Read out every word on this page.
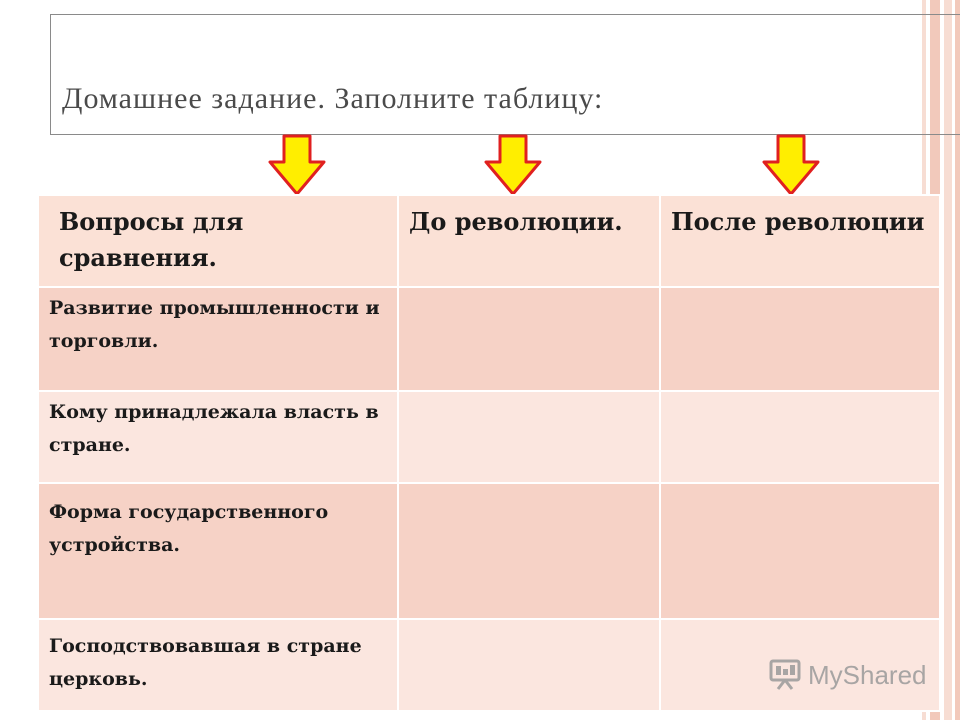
Домашнее задание. Заполните таблицу:
Вопросы для сравнения.	До революции.	После революции
Развитие промышленности и торговли.		
Кому принадлежала власть в стране.		
Форма государственного устройства.		
Господствовавшая в стране церковь.			MyShared
